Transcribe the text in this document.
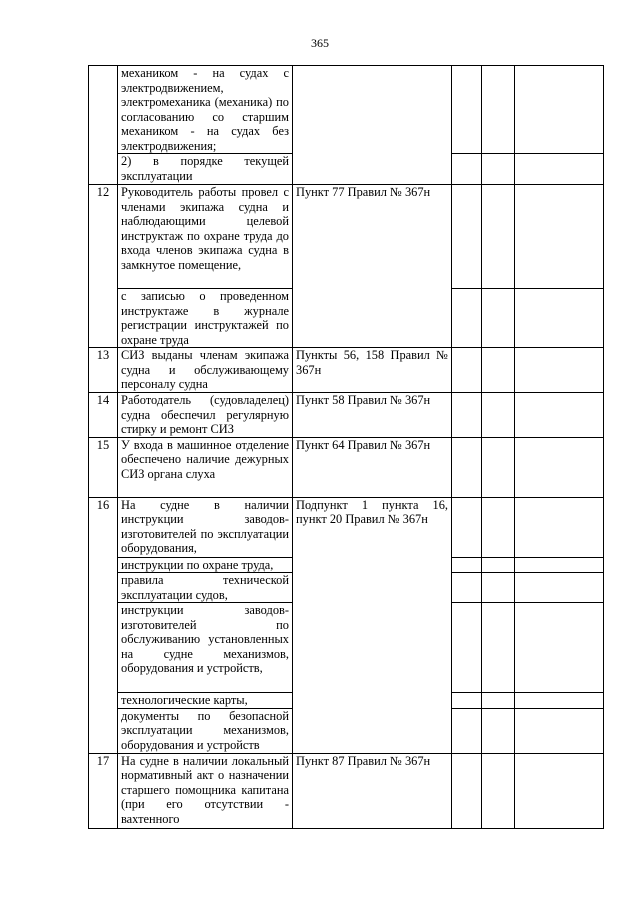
365
	механиком - на судах с электродвижением, электромеханика (механика) по согласованию со старшим механиком - на судах без электродвижения;				
	2) в порядке текущей эксплуатации				
12	Руководитель работы провел с членами экипажа судна и наблюдающими целевой инструктаж по охране труда до входа членов экипажа судна в замкнутое помещение,	Пункт 77 Правил № 367н			
	с записью о проведенном инструктаже в журнале регистрации инструктажей по охране труда				
13	СИЗ выданы членам экипажа судна и обслуживающему персоналу судна	Пункты 56, 158 Правил № 367н			
14	Работодатель (судовладелец) судна обеспечил регулярную стирку и ремонт СИЗ	Пункт 58 Правил № 367н			
15	У входа в машинное отделение обеспечено наличие дежурных СИЗ органа слуха	Пункт 64 Правил № 367н			
16	На судне в наличии инструкции заводов-изготовителей по эксплуатации оборудования,	Подпункт 1 пункта 16, пункт 20 Правил № 367н			
	инструкции по охране труда,				
	правила технической эксплуатации судов,				
	инструкции заводов-изготовителей по обслуживанию установленных на судне механизмов, оборудования и устройств,				
	технологические карты,				
	документы по безопасной эксплуатации механизмов, оборудования и устройств				
17	На судне в наличии локальный нормативный акт о назначении старшего помощника капитана (при его отсутствии - вахтенного	Пункт 87 Правил № 367н			
